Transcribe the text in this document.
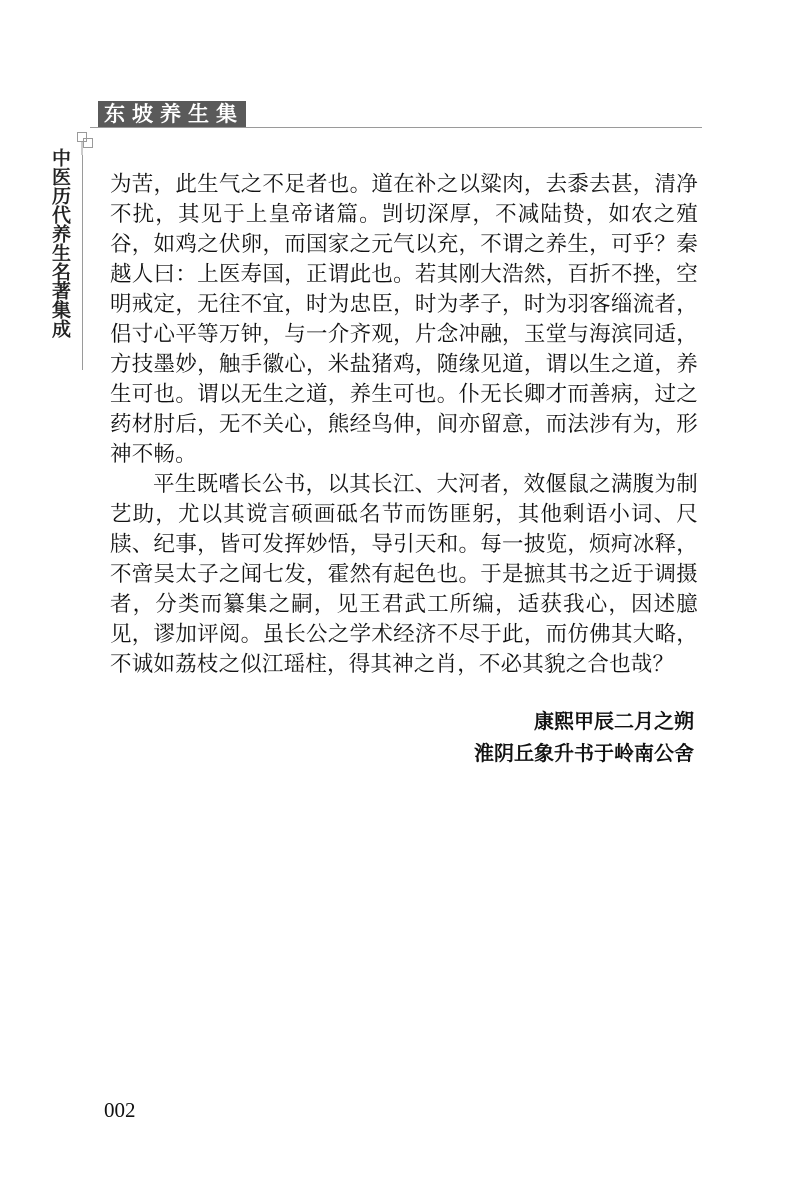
东坡养生集
中医历代养生名著集成 为苦，此生气之不足者也。道在补之以粱肉，去黍去甚，清净不扰，其见于上皇帝诸篇。剀切深厚，不减陆贽，如农之殖谷，如鸡之伏卵，而国家之元气以充，不谓之养生，可乎？秦越人曰：上医寿国，正谓此也。若其刚大浩然，百折不挫，空明戒定，无往不宜，时为忠臣，时为孝子，时为羽客缁流者，侣寸心平等万钟，与一介齐观，片念冲融，玉堂与海滨同适，方技墨妙，触手徽心，米盐猪鸡，随缘见道，谓以生之道，养生可也。谓以无生之道，养生可也。仆无长卿才而善病，过之药材肘后，无不关心，熊经鸟伸，间亦留意，而法涉有为，形神不畅。

平生既嗜长公书，以其长江、大河者，效偃鼠之满腹为制艺助，尤以其谠言硕画砥名节而饬匪躬，其他剩语小词、尺牍、纪事，皆可发挥妙悟，导引天和。每一披览，烦疴冰释，不啻吴太子之闻七发，霍然有起色也。于是摭其书之近于调摄者，分类而纂集之嗣，见王君武工所编，适获我心，因述臆见，谬加评阅。虽长公之学术经济不尽于此，而仿佛其大略，不诚如荔枝之似江瑶柱，得其神之肖，不必其貌之合也哉？

康熙甲辰二月之朔
淮阴丘象升书于岭南公舍
002
